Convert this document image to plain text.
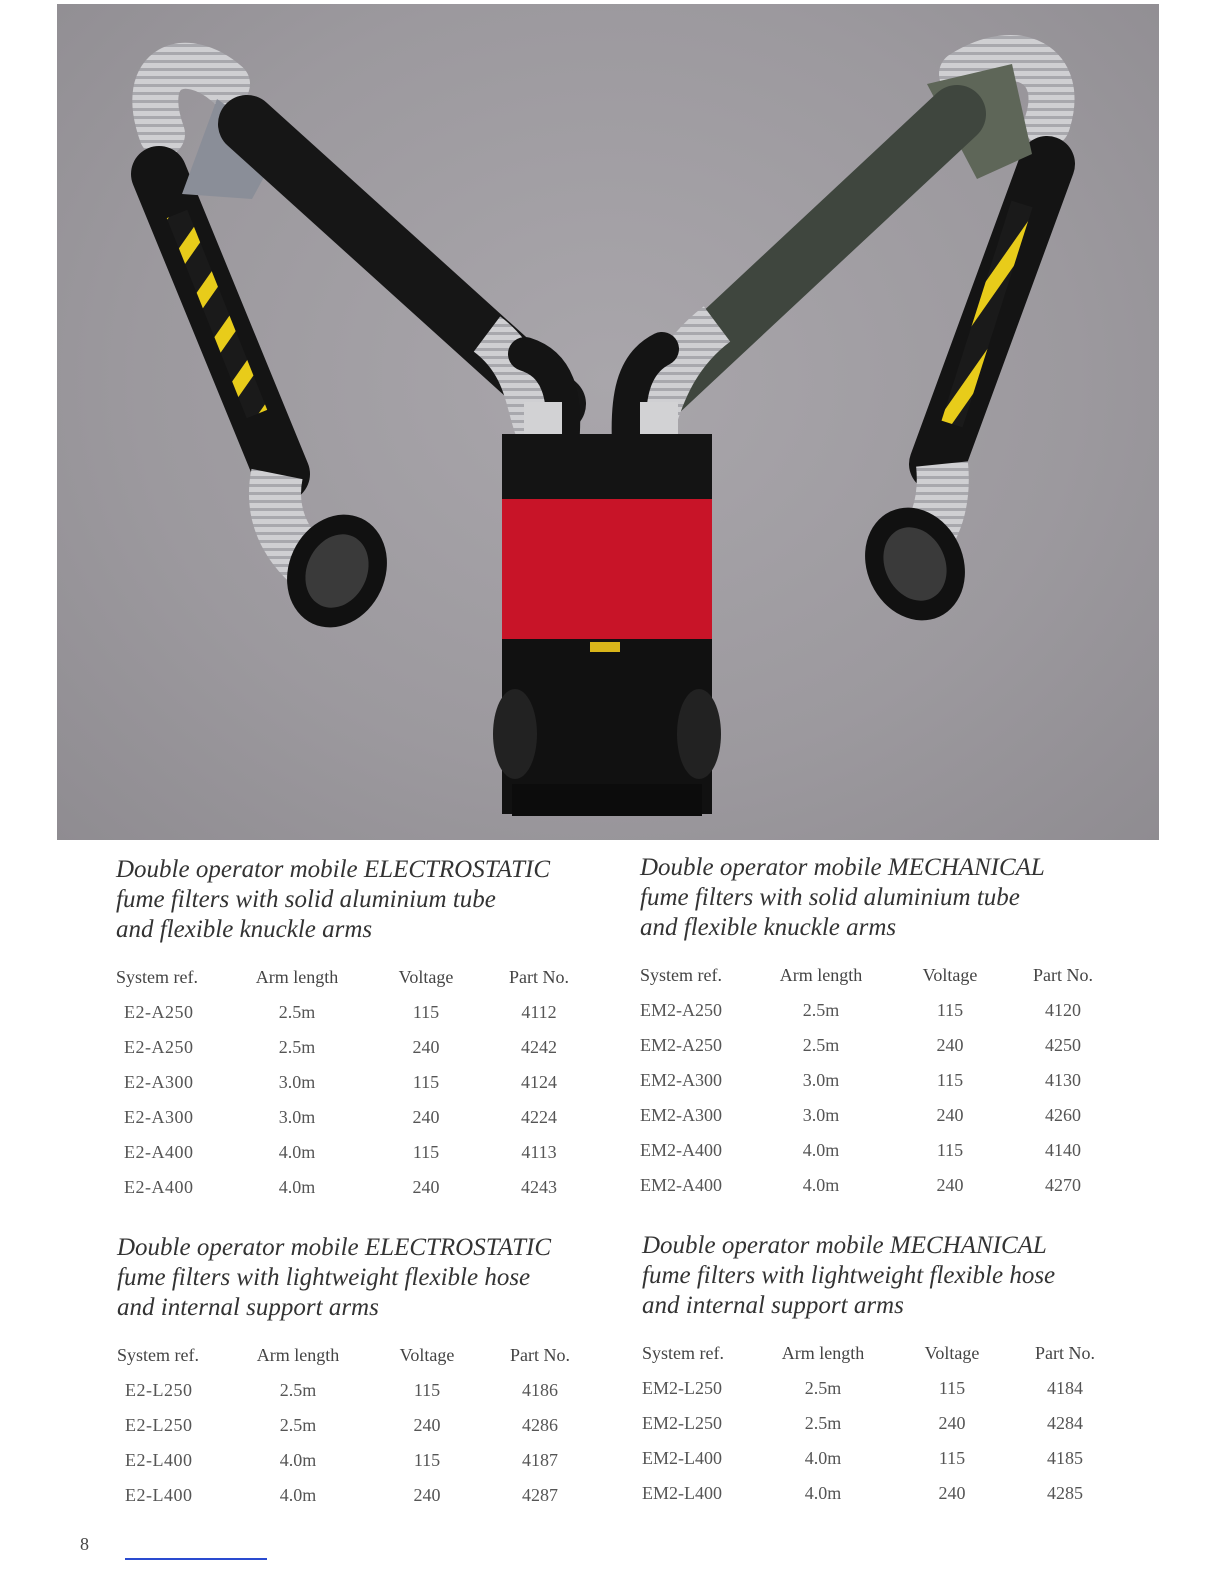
Double operator mobile ELECTROSTATIC
fume filters with solid aluminium tube
and flexible knuckle arms
System ref.	Arm length	Voltage	Part No.
E2-A250	2.5m	115	4112
E2-A250	2.5m	240	4242
E2-A300	3.0m	115	4124
E2-A300	3.0m	240	4224
E2-A400	4.0m	115	4113
E2-A400	4.0m	240	4243
Double operator mobile MECHANICAL
fume filters with solid aluminium tube
and flexible knuckle arms
System ref.	Arm length	Voltage	Part No.
EM2-A250	2.5m	115	4120
EM2-A250	2.5m	240	4250
EM2-A300	3.0m	115	4130
EM2-A300	3.0m	240	4260
EM2-A400	4.0m	115	4140
EM2-A400	4.0m	240	4270
Double operator mobile ELECTROSTATIC
fume filters with lightweight flexible hose
and internal support arms
System ref.	Arm length	Voltage	Part No.
E2-L250	2.5m	115	4186
E2-L250	2.5m	240	4286
E2-L400	4.0m	115	4187
E2-L400	4.0m	240	4287
Double operator mobile MECHANICAL
fume filters with lightweight flexible hose
and internal support arms
System ref.	Arm length	Voltage	Part No.
EM2-L250	2.5m	115	4184
EM2-L250	2.5m	240	4284
EM2-L400	4.0m	115	4185
EM2-L400	4.0m	240	4285
8
